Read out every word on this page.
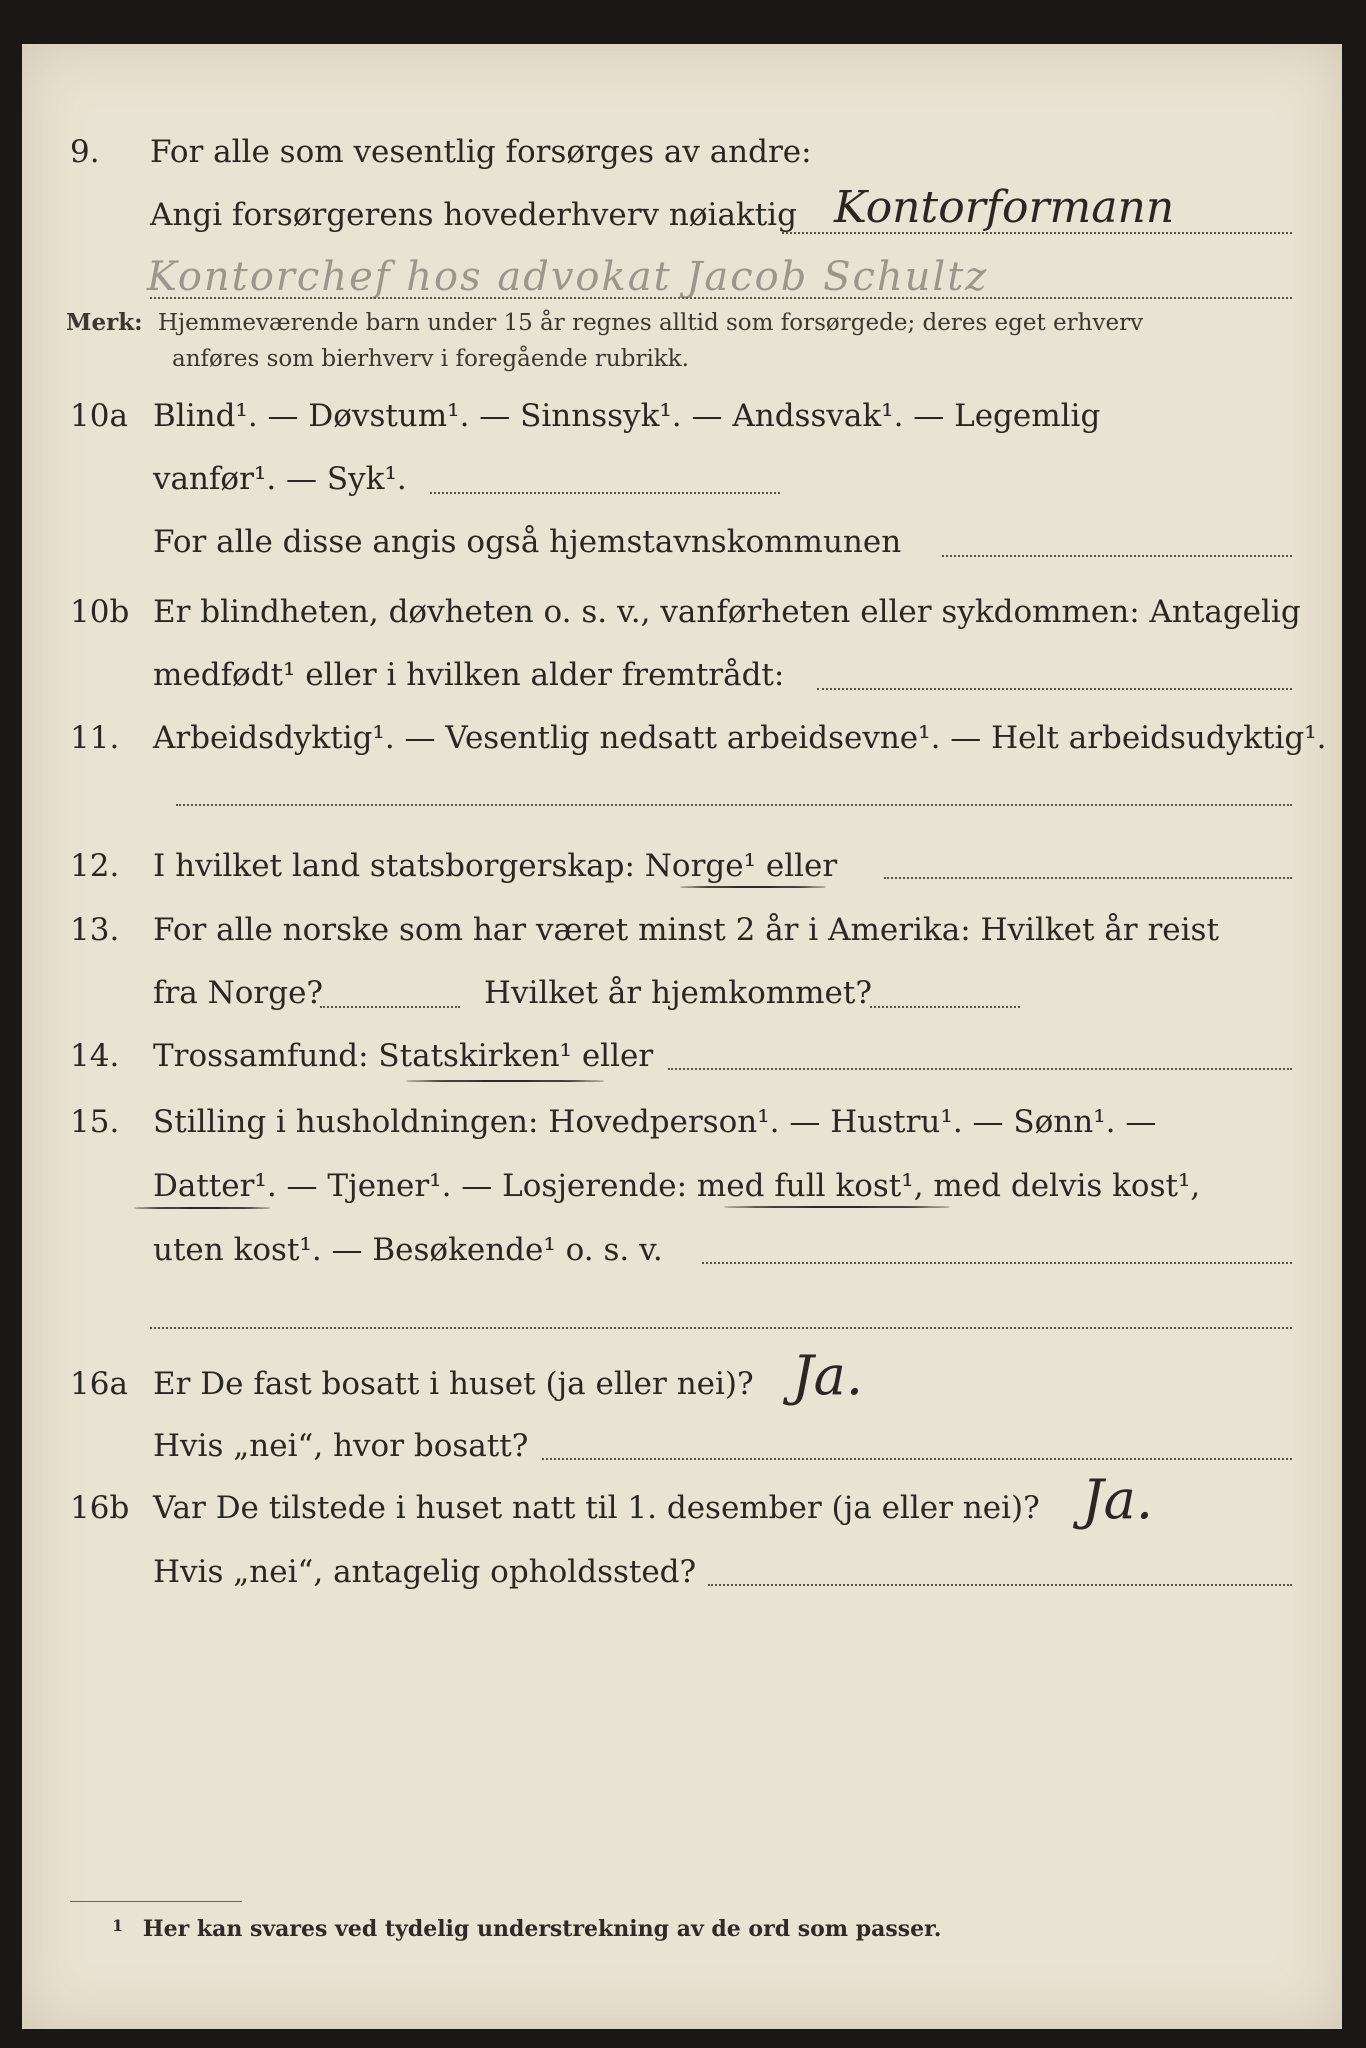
9. For alle som vesentlig forsørges av andre:
Angi forsørgerens hovederhverv nøiaktig Kontorformann
Kontorchef hos advokat Jacob Schultz
Merk: Hjemmeværende barn under 15 år regnes alltid som forsørgede; deres eget erhverv
anføres som bierhverv i foregående rubrikk.
10a Blind¹. — Døvstum¹. — Sinnssyk¹. — Andssvak¹. — Legemlig
vanfør¹. — Syk¹.
For alle disse angis også hjemstavnskommunen
10b Er blindheten, døvheten o. s. v., vanførheten eller sykdommen: Antagelig
medfødt¹ eller i hvilken alder fremtrådt:
11. Arbeidsdyktig¹. — Vesentlig nedsatt arbeidsevne¹. — Helt arbeidsudyktig¹.
12. I hvilket land statsborgerskap: Norge¹ eller
13. For alle norske som har været minst 2 år i Amerika: Hvilket år reist
fra Norge?	Hvilket år hjemkommet?
14. Trossamfund: Statskirken¹ eller
15. Stilling i husholdningen: Hovedperson¹. — Hustru¹. — Sønn¹. —
Datter¹. — Tjener¹. — Losjerende: med full kost¹, med delvis kost¹,
uten kost¹. — Besøkende¹ o. s. v.
16a Er De fast bosatt i huset (ja eller nei)? Ja.
Hvis „nei“, hvor bosatt?
16b Var De tilstede i huset natt til 1. desember (ja eller nei)? Ja.
Hvis „nei“, antagelig opholdssted?
$^1$ Her kan svares ved tydelig understrekning av de ord som passer.
